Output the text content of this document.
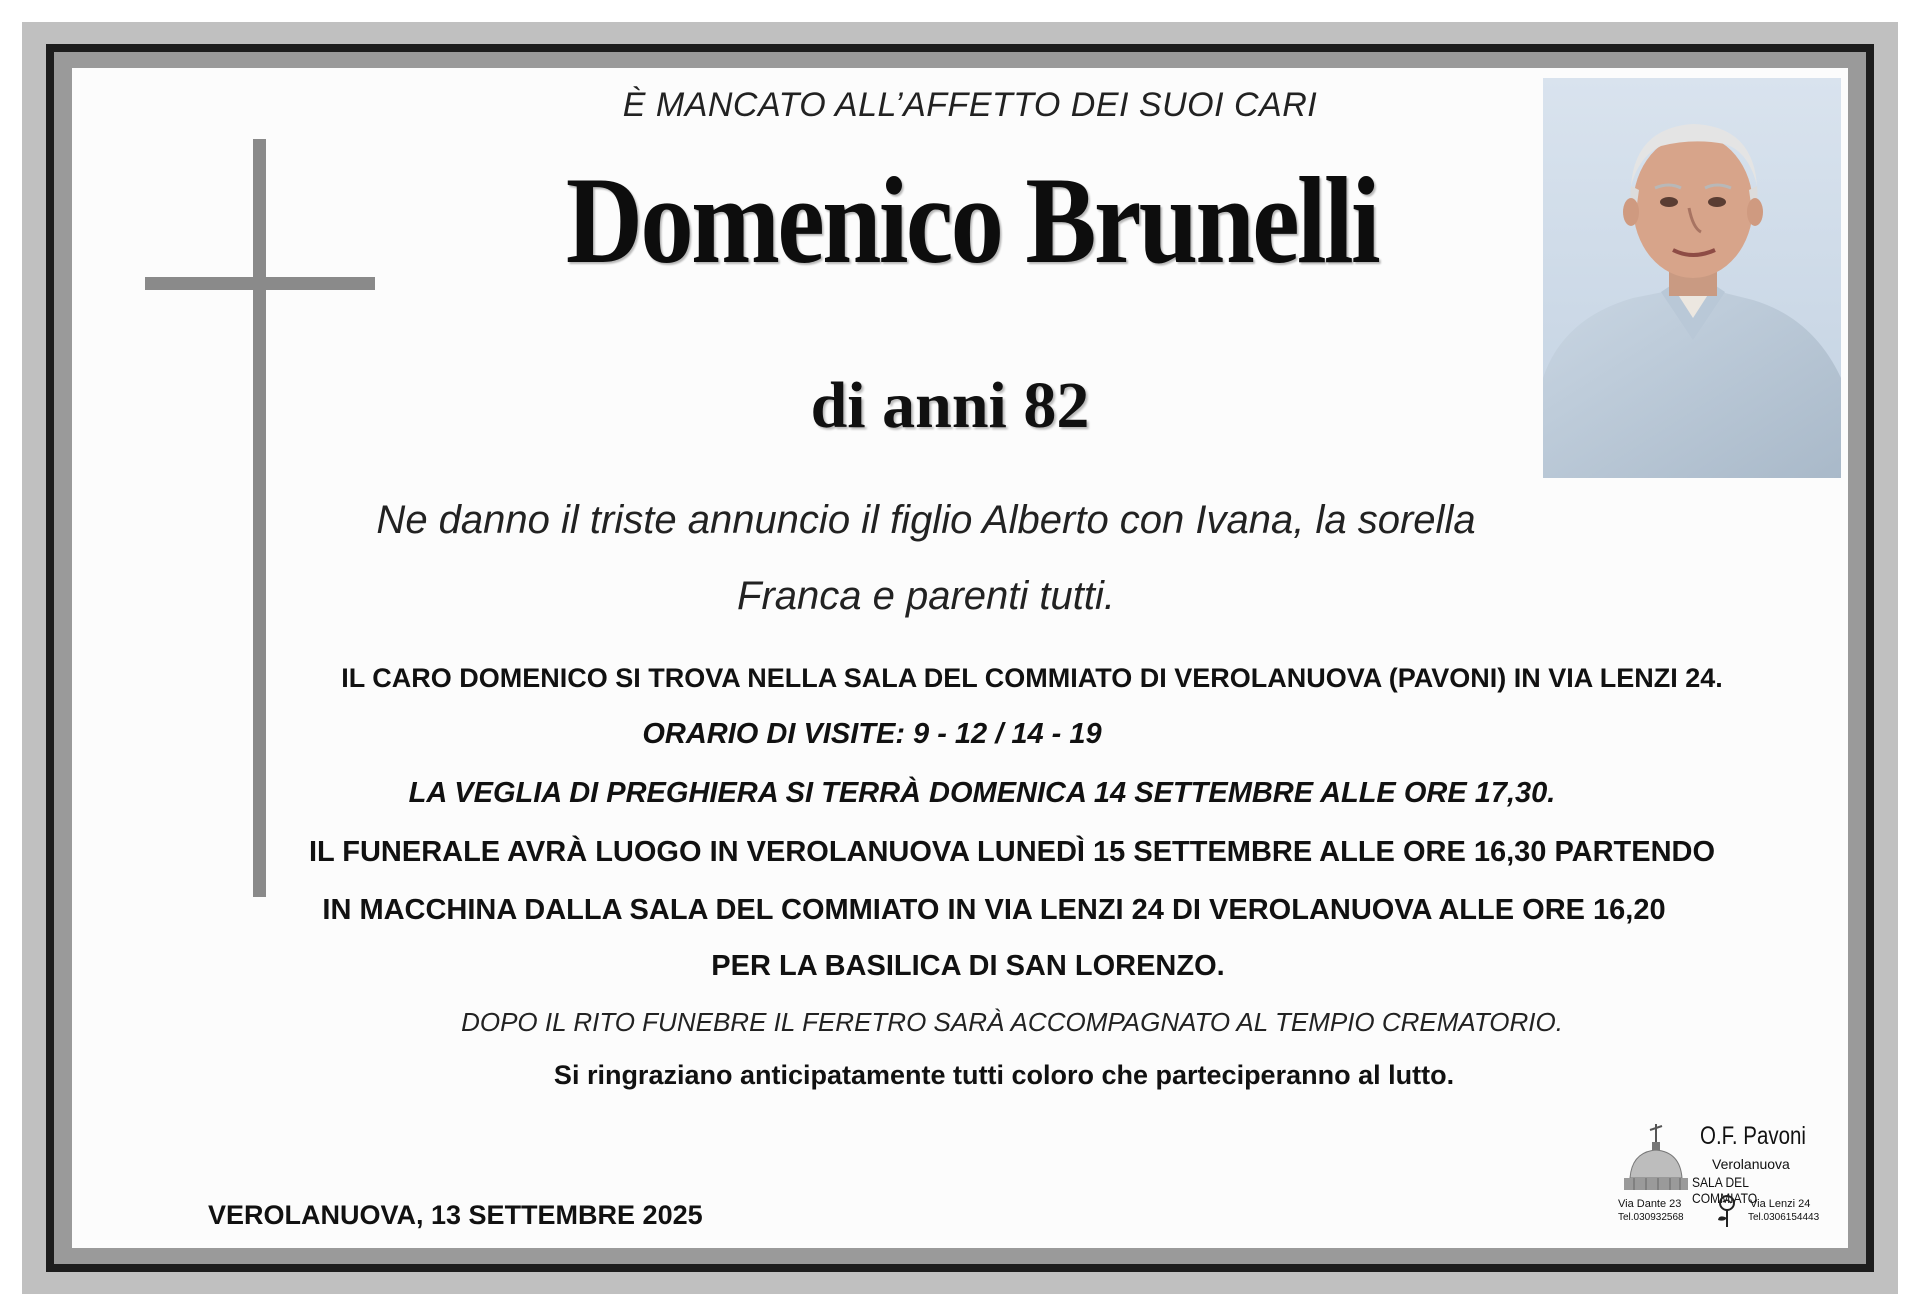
È MANCATO ALL’AFFETTO DEI SUOI CARI
Domenico Brunelli
di anni 82
Ne danno il triste annuncio il figlio Alberto con Ivana, la sorella
Franca e parenti tutti.
IL CARO DOMENICO SI TROVA NELLA SALA DEL COMMIATO DI VEROLANUOVA (PAVONI) IN VIA LENZI 24.
ORARIO DI VISITE: 9 - 12 / 14 - 19
LA VEGLIA DI PREGHIERA SI TERRÀ DOMENICA 14 SETTEMBRE ALLE ORE 17,30.
IL FUNERALE AVRÀ LUOGO IN VEROLANUOVA LUNEDÌ 15 SETTEMBRE ALLE ORE 16,30 PARTENDO
IN MACCHINA DALLA SALA DEL COMMIATO IN VIA LENZI 24 DI VEROLANUOVA ALLE ORE 16,20
PER LA BASILICA DI SAN LORENZO.
DOPO IL RITO FUNEBRE IL FERETRO SARÀ ACCOMPAGNATO AL TEMPIO CREMATORIO.
Si ringraziano anticipatamente tutti coloro che parteciperanno al lutto.
VEROLANUOVA, 13 SETTEMBRE 2025
O.F. Pavoni
Verolanuova
SALA DEL COMMIATO
Via Dante 23
Tel.030932568
Via Lenzi 24
Tel.0306154443
